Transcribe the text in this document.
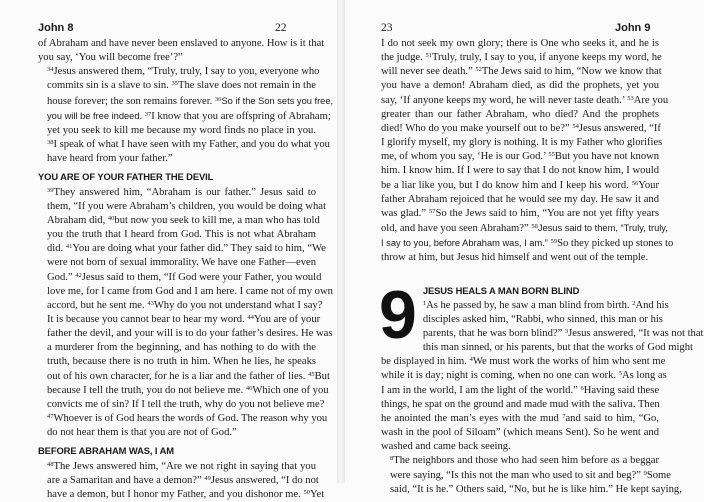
John 8	22

of Abraham and have never been enslaved to anyone. How is it that
you say, ‘You will become free’?”

$^{34}$Jesus answered them, “Truly, truly, I say to you, everyone who
commits sin is a slave to sin. $^{35}$The slave does not remain in the
house forever; the son remains forever. $^{36}$So if the Son sets you free,
you will be free indeed. $^{37}$I know that you are offspring of Abraham;
yet you seek to kill me because my word finds no place in you.
$^{38}$I speak of what I have seen with my Father, and you do what you
have heard from your father.”

YOU ARE OF YOUR FATHER THE DEVIL

$^{39}$They answered him, “Abraham is our father.” Jesus said to
them, “If you were Abraham’s children, you would be doing what
Abraham did, $^{40}$but now you seek to kill me, a man who has told
you the truth that I heard from God. This is not what Abraham
did. $^{41}$You are doing what your father did.” They said to him, “We
were not born of sexual immorality. We have one Father—even
God.” $^{42}$Jesus said to them, “If God were your Father, you would
love me, for I came from God and I am here. I came not of my own
accord, but he sent me. $^{43}$Why do you not understand what I say?
It is because you cannot bear to hear my word. $^{44}$You are of your
father the devil, and your will is to do your father’s desires. He was
a murderer from the beginning, and has nothing to do with the
truth, because there is no truth in him. When he lies, he speaks
out of his own character, for he is a liar and the father of lies. $^{45}$But
because I tell the truth, you do not believe me. $^{46}$Which one of you
convicts me of sin? If I tell the truth, why do you not believe me?
$^{47}$Whoever is of God hears the words of God. The reason why you
do not hear them is that you are not of God.”

BEFORE ABRAHAM WAS, I AM

$^{48}$The Jews answered him, “Are we not right in saying that you
are a Samaritan and have a demon?” $^{49}$Jesus answered, “I do not
have a demon, but I honor my Father, and you dishonor me. $^{50}$Yet

23	John 9

I do not seek my own glory; there is One who seeks it, and he is
the judge. $^{51}$Truly, truly, I say to you, if anyone keeps my word, he
will never see death.” $^{52}$The Jews said to him, “Now we know that
you have a demon! Abraham died, as did the prophets, yet you
say, ‘If anyone keeps my word, he will never taste death.’ $^{53}$Are you
greater than our father Abraham, who died? And the prophets
died! Who do you make yourself out to be?” $^{54}$Jesus answered, “If
I glorify myself, my glory is nothing. It is my Father who glorifies
me, of whom you say, ‘He is our God.’ $^{55}$But you have not known
him. I know him. If I were to say that I do not know him, I would
be a liar like you, but I do know him and I keep his word. $^{56}$Your
father Abraham rejoiced that he would see my day. He saw it and
was glad.” $^{57}$So the Jews said to him, “You are not yet fifty years
old, and have you seen Abraham?” $^{58}$Jesus said to them, “Truly, truly,
I say to you, before Abraham was, I am.” $^{59}$So they picked up stones to
throw at him, but Jesus hid himself and went out of the temple.

9 JESUS HEALS A MAN BORN BLIND

$^1$As he passed by, he saw a man blind from birth. $^2$And his
disciples asked him, “Rabbi, who sinned, this man or his
parents, that he was born blind?” $^3$Jesus answered, “It was not that
this man sinned, or his parents, but that the works of God might
be displayed in him. $^4$We must work the works of him who sent me
while it is day; night is coming, when no one can work. $^5$As long as
I am in the world, I am the light of the world.” $^6$Having said these
things, he spat on the ground and made mud with the saliva. Then
he anointed the man’s eyes with the mud $^7$and said to him, “Go,
wash in the pool of Siloam” (which means Sent). So he went and
washed and came back seeing.

$^8$The neighbors and those who had seen him before as a beggar
were saying, “Is this not the man who used to sit and beg?” $^9$Some
said, “It is he.” Others said, “No, but he is like him.” He kept saying,
